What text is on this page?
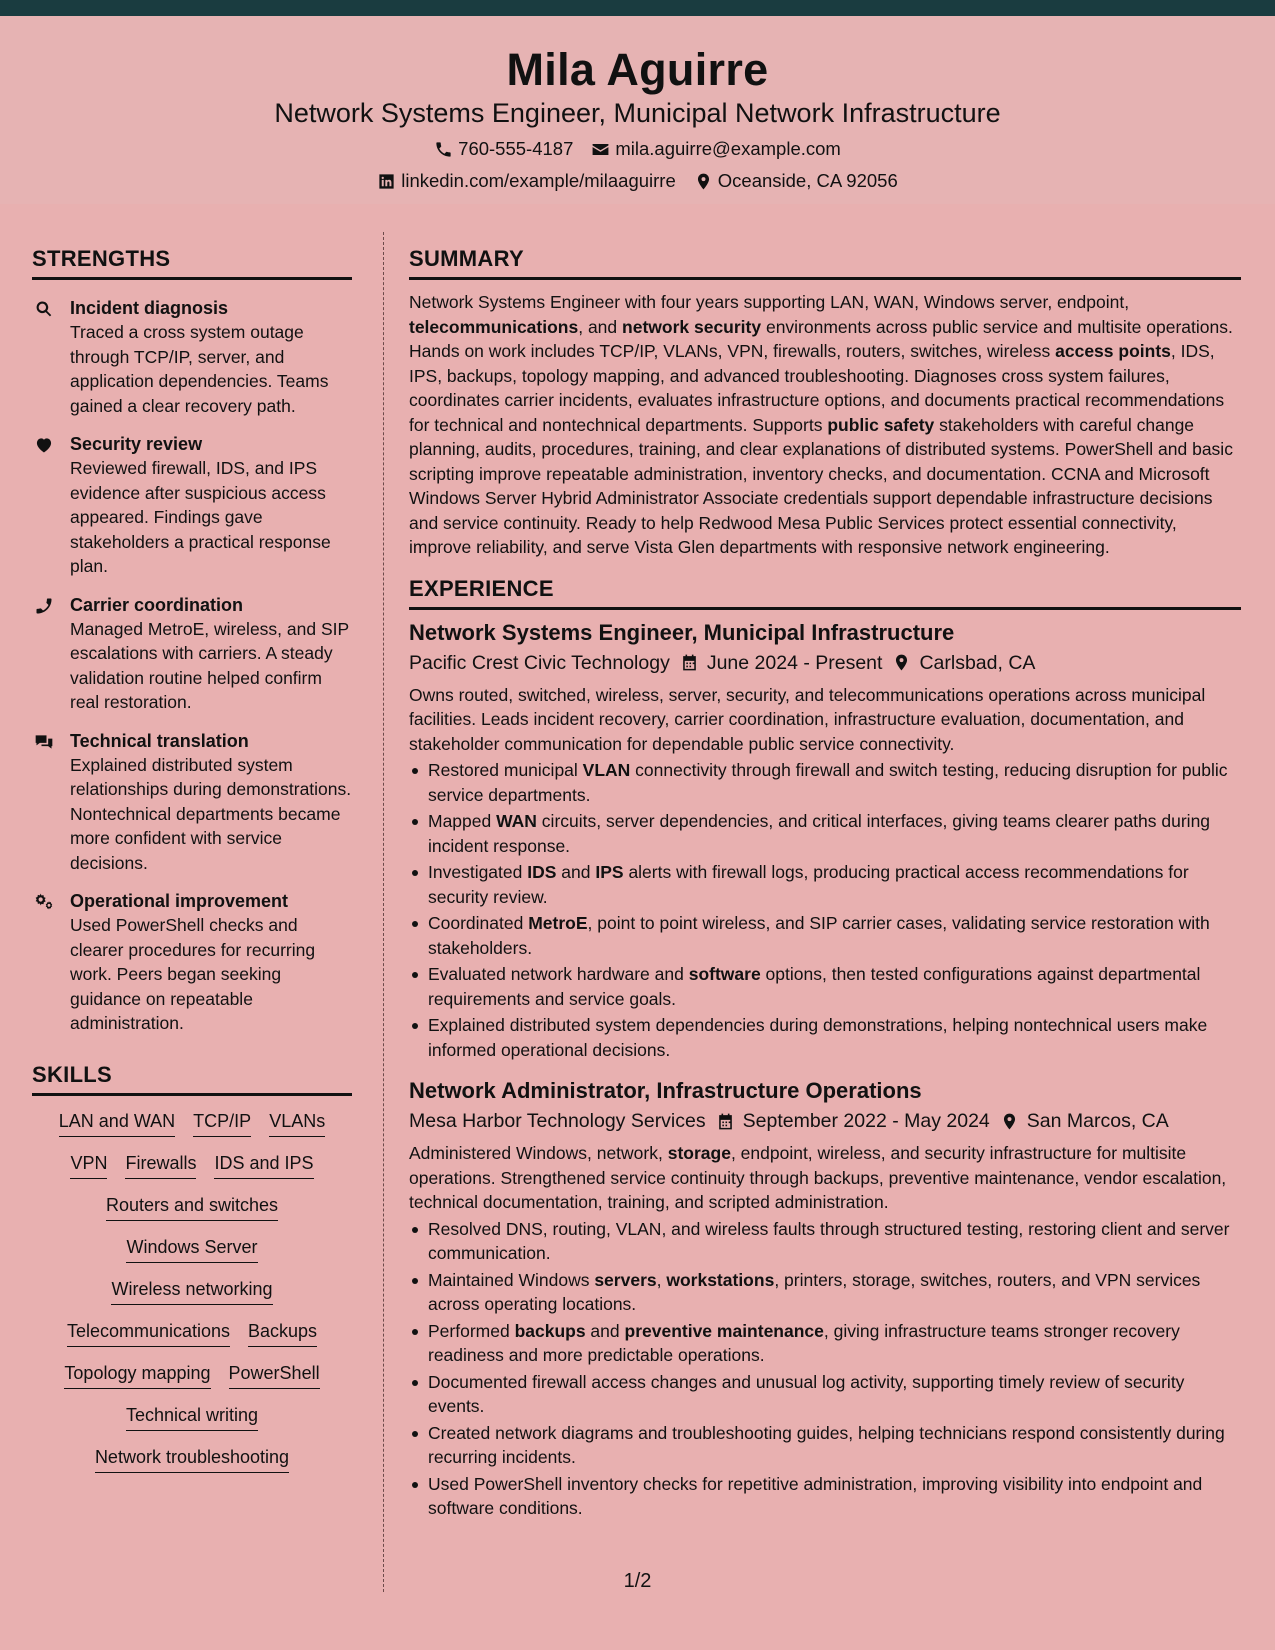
Mila Aguirre
Network Systems Engineer, Municipal Network Infrastructure
760-555-4187 mila.aguirre@example.com
linkedin.com/example/milaaguirre Oceanside, CA 92056
STRENGTHS
Incident diagnosis
Traced a cross system outage through TCP/IP, server, and application dependencies. Teams gained a clear recovery path.
Security review
Reviewed firewall, IDS, and IPS evidence after suspicious access appeared. Findings gave stakeholders a practical response plan.
Carrier coordination
Managed MetroE, wireless, and SIP escalations with carriers. A steady validation routine helped confirm real restoration.
Technical translation
Explained distributed system relationships during demonstrations. Nontechnical departments became more confident with service decisions.
Operational improvement
Used PowerShell checks and clearer procedures for recurring work. Peers began seeking guidance on repeatable administration.
SKILLS
LAN and WAN TCP/IP VLANs
VPN Firewalls IDS and IPS
Routers and switches
Windows Server
Wireless networking
Telecommunications Backups
Topology mapping PowerShell
Technical writing
Network troubleshooting
SUMMARY

Network Systems Engineer with four years supporting LAN, WAN, Windows server, endpoint, telecommunications, and network security environments across public service and multisite operations. Hands on work includes TCP/IP, VLANs, VPN, firewalls, routers, switches, wireless access points, IDS, IPS, backups, topology mapping, and advanced troubleshooting. Diagnoses cross system failures, coordinates carrier incidents, evaluates infrastructure options, and documents practical recommendations for technical and nontechnical departments. Supports public safety stakeholders with careful change planning, audits, procedures, training, and clear explanations of distributed systems. PowerShell and basic scripting improve repeatable administration, inventory checks, and documentation. CCNA and Microsoft Windows Server Hybrid Administrator Associate credentials support dependable infrastructure decisions and service continuity. Ready to help Redwood Mesa Public Services protect essential connectivity, improve reliability, and serve Vista Glen departments with responsive network engineering.

EXPERIENCE
Network Systems Engineer, Municipal Infrastructure
Pacific Crest Civic Technology June 2024 - Present Carlsbad, CA

Owns routed, switched, wireless, server, security, and telecommunications operations across municipal facilities. Leads incident recovery, carrier coordination, infrastructure evaluation, documentation, and stakeholder communication for dependable public service connectivity.

Restored municipal VLAN connectivity through firewall and switch testing, reducing disruption for public service departments.
Mapped WAN circuits, server dependencies, and critical interfaces, giving teams clearer paths during incident response.
Investigated IDS and IPS alerts with firewall logs, producing practical access recommendations for security review.
Coordinated MetroE, point to point wireless, and SIP carrier cases, validating service restoration with stakeholders.
Evaluated network hardware and software options, then tested configurations against departmental requirements and service goals.
Explained distributed system dependencies during demonstrations, helping nontechnical users make informed operational decisions.
Network Administrator, Infrastructure Operations
Mesa Harbor Technology Services September 2022 - May 2024 San Marcos, CA

Administered Windows, network, storage, endpoint, wireless, and security infrastructure for multisite operations. Strengthened service continuity through backups, preventive maintenance, vendor escalation, technical documentation, training, and scripted administration.

Resolved DNS, routing, VLAN, and wireless faults through structured testing, restoring client and server communication.
Maintained Windows servers, workstations, printers, storage, switches, routers, and VPN services across operating locations.
Performed backups and preventive maintenance, giving infrastructure teams stronger recovery readiness and more predictable operations.
Documented firewall access changes and unusual log activity, supporting timely review of security events.
Created network diagrams and troubleshooting guides, helping technicians respond consistently during recurring incidents.
Used PowerShell inventory checks for repetitive administration, improving visibility into endpoint and software conditions.
1/2
